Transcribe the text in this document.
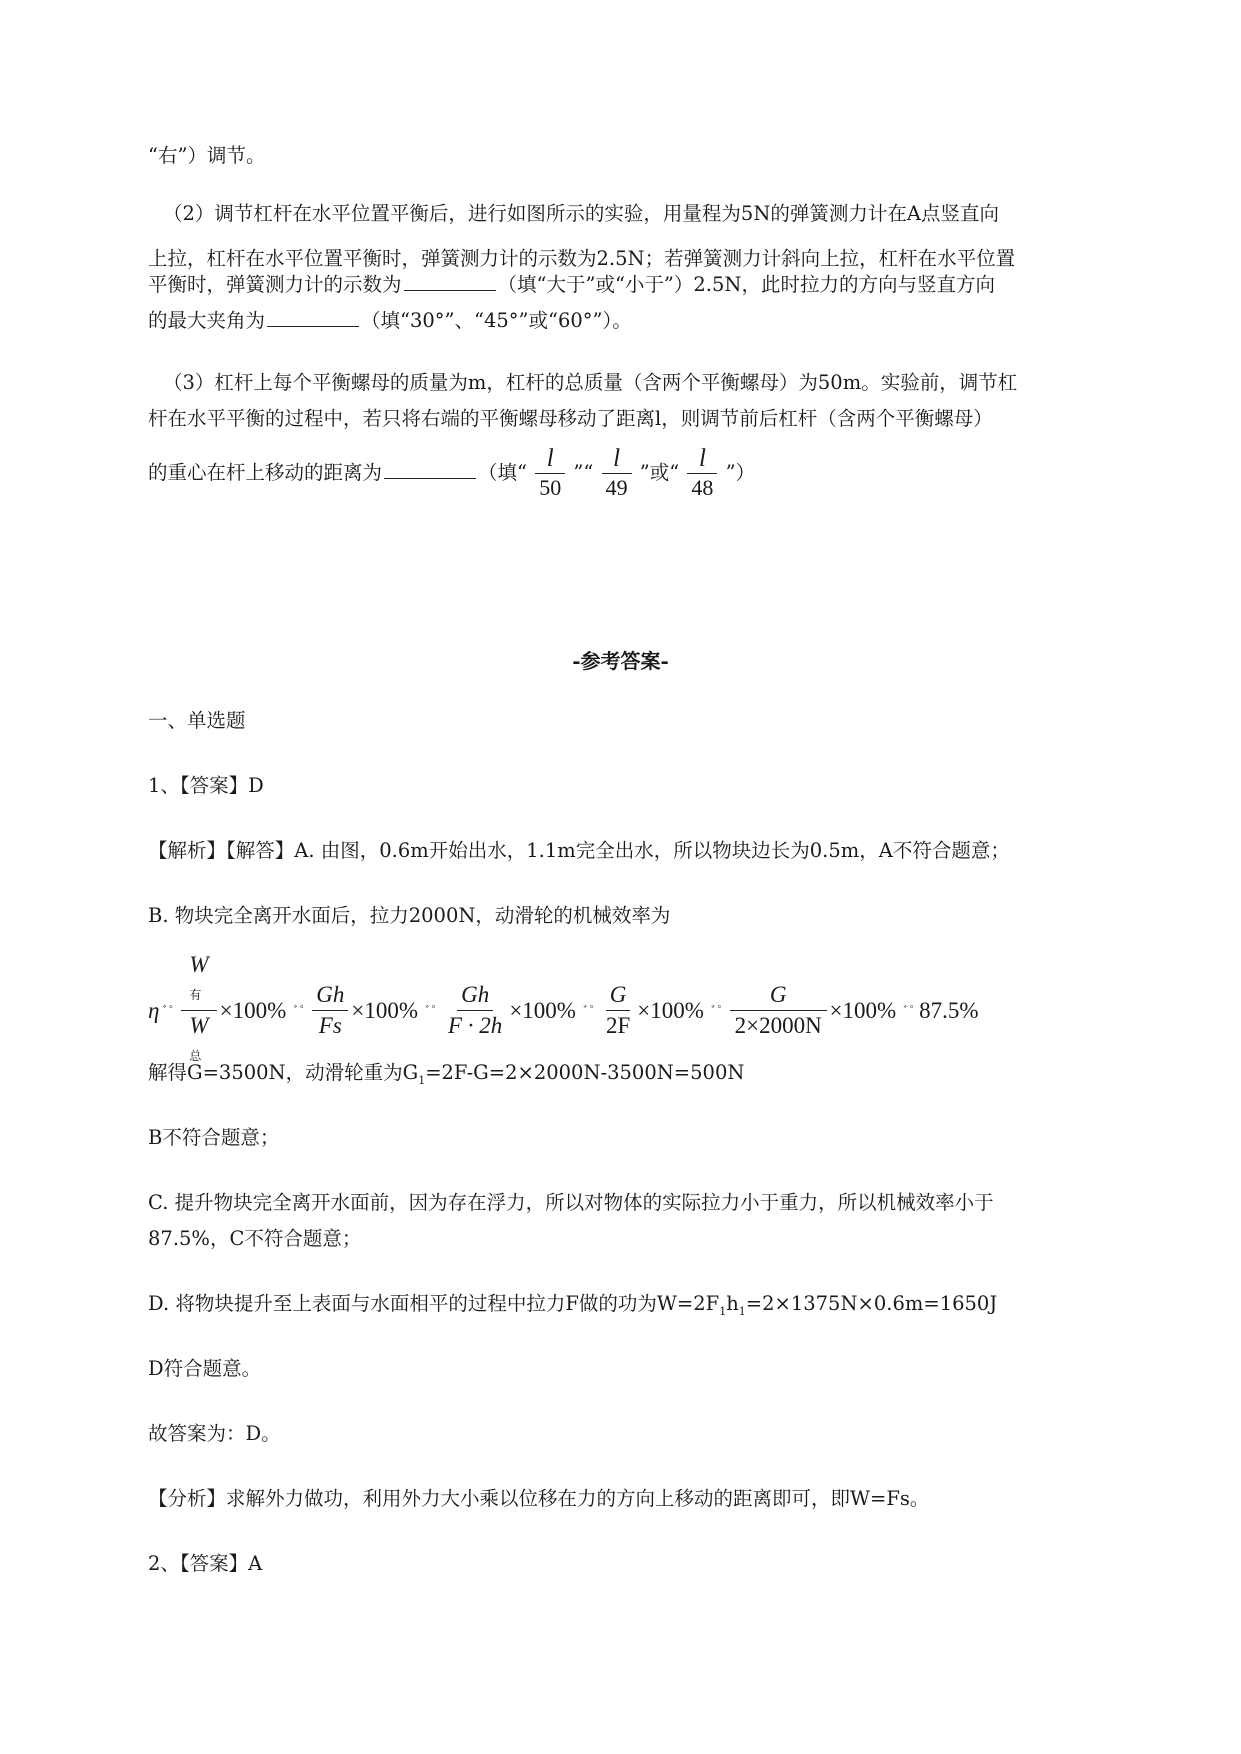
“右”）调节。
（2）调节杠杆在水平位置平衡后，进行如图所示的实验，用量程为5N的弹簧测力计在A点竖直向
上拉，杠杆在水平位置平衡时，弹簧测力计的示数为2.5N；若弹簧测力计斜向上拉，杠杆在水平位置
平衡时，弹簧测力计的示数为	（填“大于”或“小于”）2.5N，此时拉力的方向与竖直方向
的最大夹角为	（填“30°”、“45°”或“60°”）。
（3）杠杆上每个平衡螺母的质量为m，杠杆的总质量（含两个平衡螺母）为50m。实验前，调节杠
杆在水平平衡的过程中，若只将右端的平衡螺母移动了距离l，则调节前后杠杆（含两个平衡螺母）
的重心在杆上移动的距离为	（填“ $\frac{l}{50}$ ”“ $\frac{l}{49}$ ”或“ $\frac{l}{48}$ ”）
-参考答案-
一、单选题
1、【答案】D
【解析】【解答】A. 由图，0.6m开始出水，1.1m完全出水，所以物块边长为0.5m，A不符合题意；
B. 物块完全离开水面后，拉力2000N，动滑轮的机械效率为
η ﾞﾟ
W
有
W
总
×100% ﾞﾟ $\frac{Gh}{Fs} \times 100\%$ ﾞﾟ $\frac{Gh}{F \cdot 2h} \times 100\%$ ﾞﾟ $\frac{G}{2F} \times 100\%$ ﾞﾟ $\frac{G}{2\times 2000N} \times 100\%$ ﾞﾟ 87.5%
解得G=3500N，动滑轮重为$G_1=2F-G=2\times 2000N-3500N=500N$
B不符合题意；
C. 提升物块完全离开水面前，因为存在浮力，所以对物体的实际拉力小于重力，所以机械效率小于
87.5%，C不符合题意；
D. 将物块提升至上表面与水面相平的过程中拉力F做的功为$W=2F_1h_1=2\times 1375N\times 0.6m=1650J$
D符合题意。
故答案为：D。
【分析】求解外力做功，利用外力大小乘以位移在力的方向上移动的距离即可，即W=Fs。
2、【答案】A
